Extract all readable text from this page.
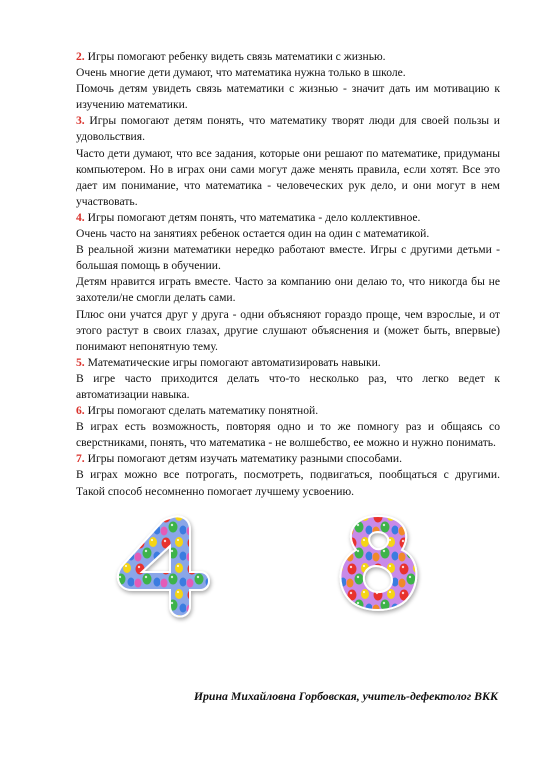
2. Игры помогают ребенку видеть связь математики с жизнью.

Очень многие дети думают, что математика нужна только в школе.

Помочь детям увидеть связь математики с жизнью - значит дать им мотивацию к изучению математики.

3. Игры помогают детям понять, что математику творят люди для своей пользы и удовольствия.

Часто дети думают, что все задания, которые они решают по математике, придуманы компьютером. Но в играх они сами могут даже менять правила, если хотят. Все это дает им понимание, что математика - человеческих рук дело, и они могут в нем участвовать.

4. Игры помогают детям понять, что математика - дело коллективное.

Очень часто на занятиях ребенок остается один на один с математикой.

В реальной жизни математики нередко работают вместе. Игры с другими детьми - большая помощь в обучении.

Детям нравится играть вместе. Часто за компанию они делаю то, что никогда бы не захотели/не смогли делать сами.

Плюс они учатся друг у друга - одни объясняют гораздо проще, чем взрослые, и от этого растут в своих глазах, другие слушают объяснения и (может быть, впервые) понимают непонятную тему.

5. Математические игры помогают автоматизировать навыки.

В игре часто приходится делать что-то несколько раз, что легко ведет к автоматизации навыка.

6. Игры помогают сделать математику понятной.

В играх есть возможность, повторяя одно и то же помногу раз и общаясь со сверстниками, понять, что математика - не волшебство, ее можно и нужно понимать.

7. Игры помогают детям изучать математику разными способами.

В играх можно все потрогать, посмотреть, подвигаться, пообщаться с другими. Такой способ несомненно помогает лучшему усвоению.

Ирина Михайловна Горбовская, учитель-дефектолог ВКК
